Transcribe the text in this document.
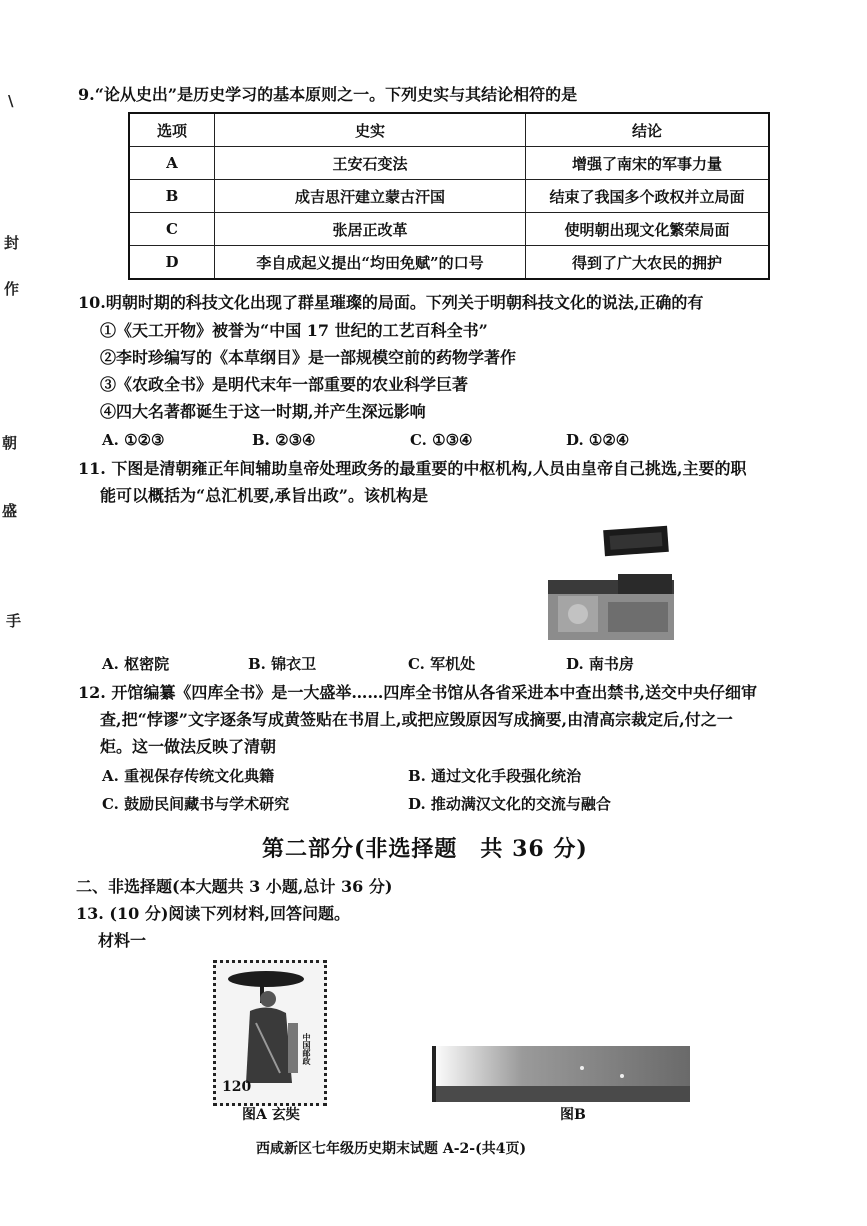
\
封
作
朝
盛
手
9.“论从史出”是历史学习的基本原则之一。下列史实与其结论相符的是
选项	史实	结论
A	王安石变法	增强了南宋的军事力量
B	成吉思汗建立蒙古汗国	结束了我国多个政权并立局面
C	张居正改革	使明朝出现文化繁荣局面
D	李自成起义提出“均田免赋”的口号	得到了广大农民的拥护
10.明朝时期的科技文化出现了群星璀璨的局面。下列关于明朝科技文化的说法,正确的有
①《天工开物》被誉为“中国 17 世纪的工艺百科全书”
②李时珍编写的《本草纲目》是一部规模空前的药物学著作
③《农政全书》是明代末年一部重要的农业科学巨著
④四大名著都诞生于这一时期,并产生深远影响
A. ①②③	B. ②③④	C. ①③④	D. ①②④
11. 下图是清朝雍正年间辅助皇帝处理政务的最重要的中枢机构,人员由皇帝自己挑选,主要的职
能可以概括为“总汇机要,承旨出政”。该机构是
A. 枢密院	B. 锦衣卫	C. 军机处	D. 南书房
12. 开馆编纂《四库全书》是一大盛举……四库全书馆从各省采进本中查出禁书,送交中央仔细审
查,把“悖谬”文字逐条写成黄签贴在书眉上,或把应毁原因写成摘要,由清高宗裁定后,付之一
炬。这一做法反映了清朝
A. 重视保存传统文化典籍	B. 通过文化手段强化统治
C. 鼓励民间藏书与学术研究	D. 推动满汉文化的交流与融合
第二部分(非选择题　共 36 分)
二、非选择题(本大题共 3 小题,总计 36 分)
13. (10 分)阅读下列材料,回答问题。
材料一
中国邮政
120
图A 玄奘	图B
西咸新区七年级历史期末试题 A-2-(共4页)
